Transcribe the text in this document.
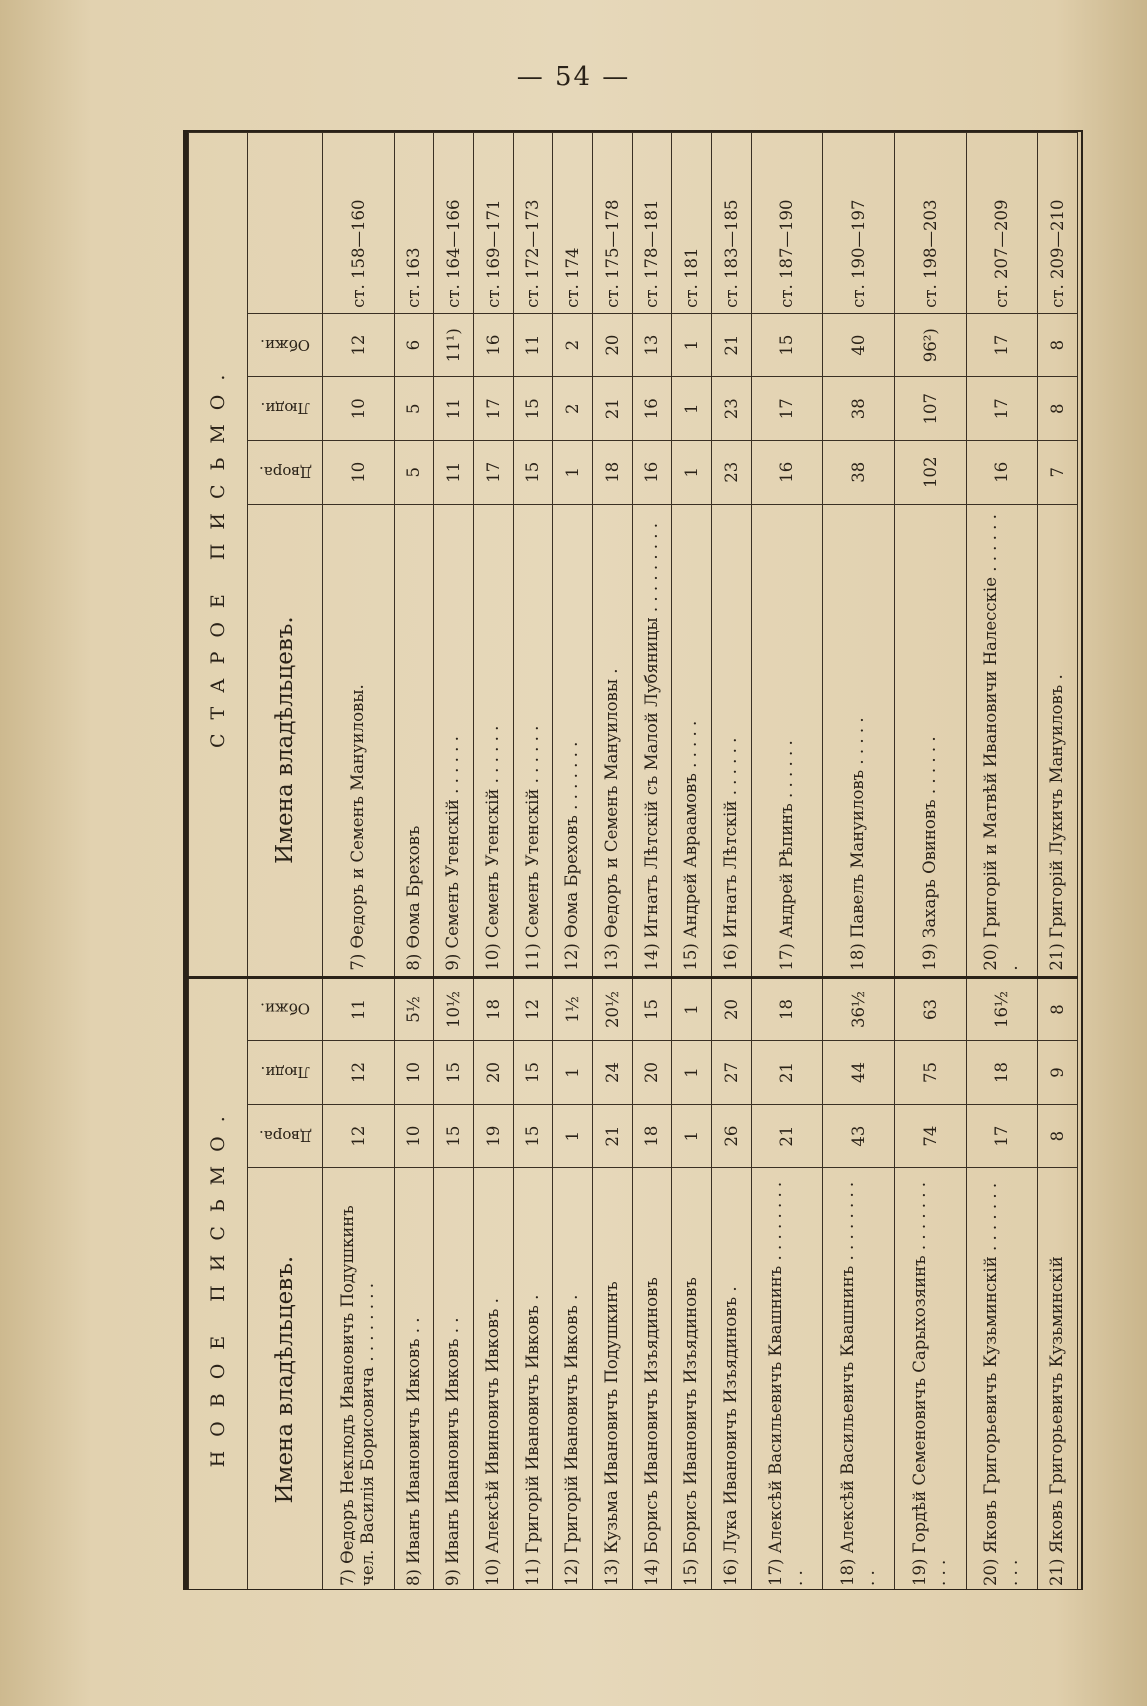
— 54 —
НОВОЕ ПИСЬМО.				СТАРОЕ ПИСЬМО.				
Имена владѣльцевъ.	Двора.	Люди.	Обжи.	Имена владѣльцевъ.	Двора.	Люди.	Обжи.	
7) Ѳедоръ Неклюдъ Ивановичъ Подушкинъ чел. Василія Борисовича . . . . . . . .	12	12	11	7) Ѳедоръ и Семенъ Мануиловы.	10	10	12	ст. 158—160
8) Иванъ Ивановичъ Ивковъ . .	10	10	5½	8) Ѳома Бреховъ	5	5	6	ст. 163
9) Иванъ Ивановичъ Ивковъ . .	15	15	10½	9) Семенъ Утенскій . . . . . .	11	11	11¹)	ст. 164—166
10) Алексѣй Ивиновичъ Ивковъ .	19	20	18	10) Семенъ Утенскій . . . . . .	17	17	16	ст. 169—171
11) Григорій Ивановичъ Ивковъ .	15	15	12	11) Семенъ Утенскій . . . . . .	15	15	11	ст. 172—173
12) Григорій Ивановичъ Ивковъ .	1	1	1½	12) Ѳома Бреховъ . . . . . . .	1	2	2	ст. 174
13) Кузьма Ивановичъ Подушкинъ	21	24	20½	13) Ѳедоръ и Семенъ Мануиловы .	18	21	20	ст. 175—178
14) Борисъ Ивановичъ Изъядиновъ	18	20	15	14) Игнатъ Лѣтскій съ Малой Лубяницы . . . . . . . . .	16	16	13	ст. 178—181
15) Борисъ Ивановичъ Изъядиновъ	1	1	1	15) Андрей Авраамовъ . . . . .	1	1	1	ст. 181
16) Лука Ивановичъ Изъядиновъ .	26	27	20	16) Игнатъ Лѣтскій . . . . . .	23	23	21	ст. 183—185
17) Алексѣй Васильевичъ Квашнинъ . . . . . . . . . .	21	21	18	17) Андрей Рѣпинъ . . . . . .	16	17	15	ст. 187—190
18) Алексѣй Васильевичъ Квашнинъ . . . . . . . . . .	43	44	36½	18) Павелъ Мануиловъ . . . . .	38	38	40	ст. 190—197
19) Гордѣй Семеновичъ Сарыхозяинъ . . . . . . . . . .	74	75	63	19) Захарь Овиновъ . . . . . .	102	107	96²)	ст. 198—203
20) Яковъ Григорьевичъ Кузьминскій . . . . . . . . . .	17	18	16½	20) Григорій и Матвѣй Ивановичи Налесскіе . . . . . . .	16	17	17	ст. 207—209
21) Яковъ Григорьевичъ Кузьминскій	8	9	8	21) Григорій Лукичъ Мануиловъ .	7	8	8	ст. 209—210
